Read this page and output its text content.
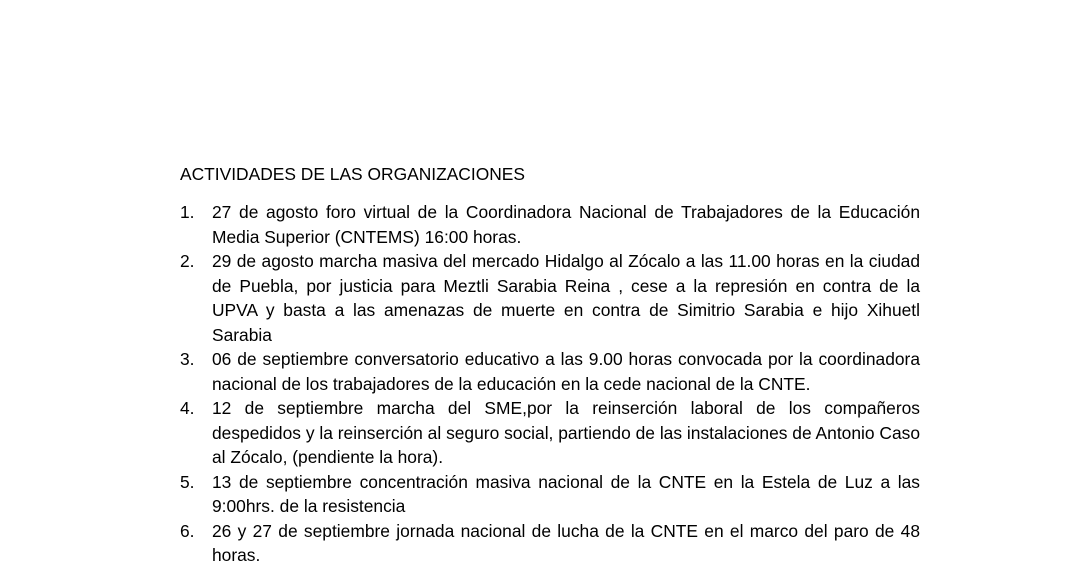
ACTIVIDADES DE LAS ORGANIZACIONES
1. 27 de agosto foro virtual de la Coordinadora Nacional de Trabajadores de la Educación Media Superior (CNTEMS) 16:00 horas.
2. 29 de agosto marcha masiva del mercado Hidalgo al Zócalo a las 11.00 horas en la ciudad de Puebla, por justicia para Meztli Sarabia Reina , cese a la represión en contra de la UPVA y basta a las amenazas de muerte en contra de Simitrio Sarabia e hijo Xihuetl Sarabia
3. 06 de septiembre conversatorio educativo a las 9.00 horas convocada por la coordinadora nacional de los trabajadores de la educación en la cede nacional de la CNTE.
4. 12 de septiembre marcha del SME,por la reinserción laboral de los compañeros despedidos y la reinserción al seguro social, partiendo de las instalaciones de Antonio Caso al Zócalo, (pendiente la hora).
5. 13 de septiembre concentración masiva nacional de la CNTE en la Estela de Luz a las 9:00hrs. de la resistencia
6. 26 y 27 de septiembre jornada nacional de lucha de la CNTE en el marco del paro de 48 horas.
